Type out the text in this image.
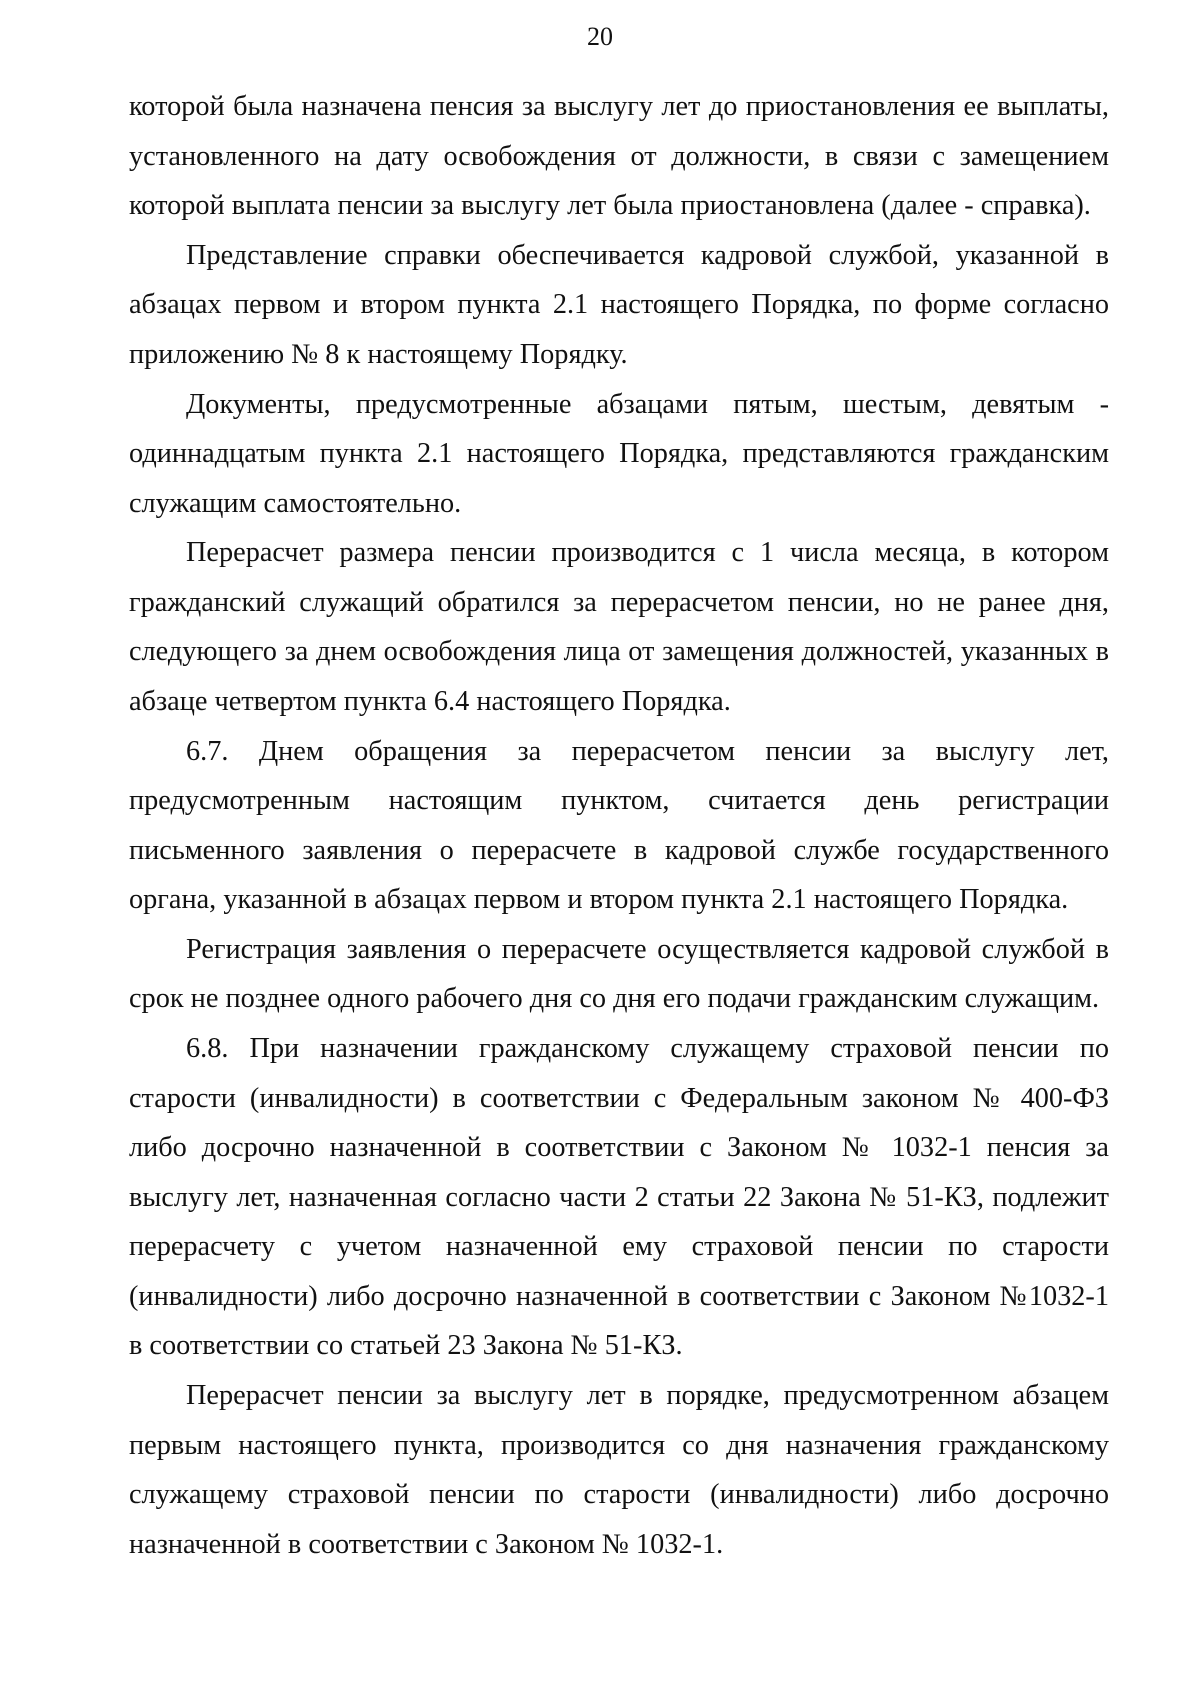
20

которой была назначена пенсия за выслугу лет до приостановления ее выплаты, установленного на дату освобождения от должности, в связи с замещением которой выплата пенсии за выслугу лет была приостановлена (далее - справка).

Представление справки обеспечивается кадровой службой, указанной в абзацах первом и втором пункта 2.1 настоящего Порядка, по форме согласно приложению № 8 к настоящему Порядку.

Документы, предусмотренные абзацами пятым, шестым, девятым - одиннадцатым пункта 2.1 настоящего Порядка, представляются гражданским служащим самостоятельно.

Перерасчет размера пенсии производится с 1 числа месяца, в котором гражданский служащий обратился за перерасчетом пенсии, но не ранее дня, следующего за днем освобождения лица от замещения должностей, указанных в абзаце четвертом пункта 6.4 настоящего Порядка.

6.7. Днем обращения за перерасчетом пенсии за выслугу лет, предусмотренным настоящим пунктом, считается день регистрации письменного заявления о перерасчете в кадровой службе государственного органа, указанной в абзацах первом и втором пункта 2.1 настоящего Порядка.

Регистрация заявления о перерасчете осуществляется кадровой службой в срок не позднее одного рабочего дня со дня его подачи гражданским служащим.

6.8. При назначении гражданскому служащему страховой пенсии по старости (инвалидности) в соответствии с Федеральным законом № 400-ФЗ либо досрочно назначенной в соответствии с Законом № 1032-1 пенсия за выслугу лет, назначенная согласно части 2 статьи 22 Закона № 51-КЗ, подлежит перерасчету с учетом назначенной ему страховой пенсии по старости (инвалидности) либо досрочно назначенной в соответствии с Законом №1032-1 в соответствии со статьей 23 Закона № 51-КЗ.

Перерасчет пенсии за выслугу лет в порядке, предусмотренном абзацем первым настоящего пункта, производится со дня назначения гражданскому служащему страховой пенсии по старости (инвалидности) либо досрочно назначенной в соответствии с Законом № 1032-1.
